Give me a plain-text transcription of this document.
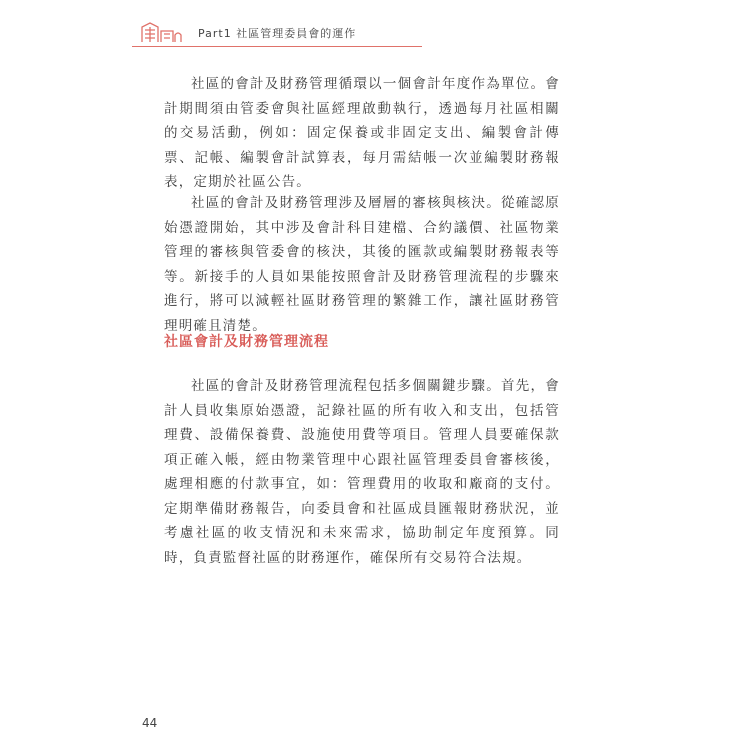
Part1 社區管理委員會的運作

社區的會計及財務管理循環以一個會計年度作為單位。會計期間須由管委會與社區經理啟動執行，透過每月社區相關的交易活動，例如：固定保養或非固定支出、編製會計傳票、記帳、編製會計試算表，每月需結帳一次並編製財務報表，定期於社區公告。

社區的會計及財務管理涉及層層的審核與核決。從確認原始憑證開始，其中涉及會計科目建檔、合約議價、社區物業管理的審核與管委會的核決，其後的匯款或編製財務報表等等。新接手的人員如果能按照會計及財務管理流程的步驟來進行，將可以減輕社區財務管理的繁雜工作，讓社區財務管理明確且清楚。

社區會計及財務管理流程

社區的會計及財務管理流程包括多個關鍵步驟。首先，會計人員收集原始憑證，記錄社區的所有收入和支出，包括管理費、設備保養費、設施使用費等項目。管理人員要確保款項正確入帳，經由物業管理中心跟社區管理委員會審核後，處理相應的付款事宜，如：管理費用的收取和廠商的支付。定期準備財務報告，向委員會和社區成員匯報財務狀況，並考慮社區的收支情況和未來需求，協助制定年度預算。同時，負責監督社區的財務運作，確保所有交易符合法規。

44
